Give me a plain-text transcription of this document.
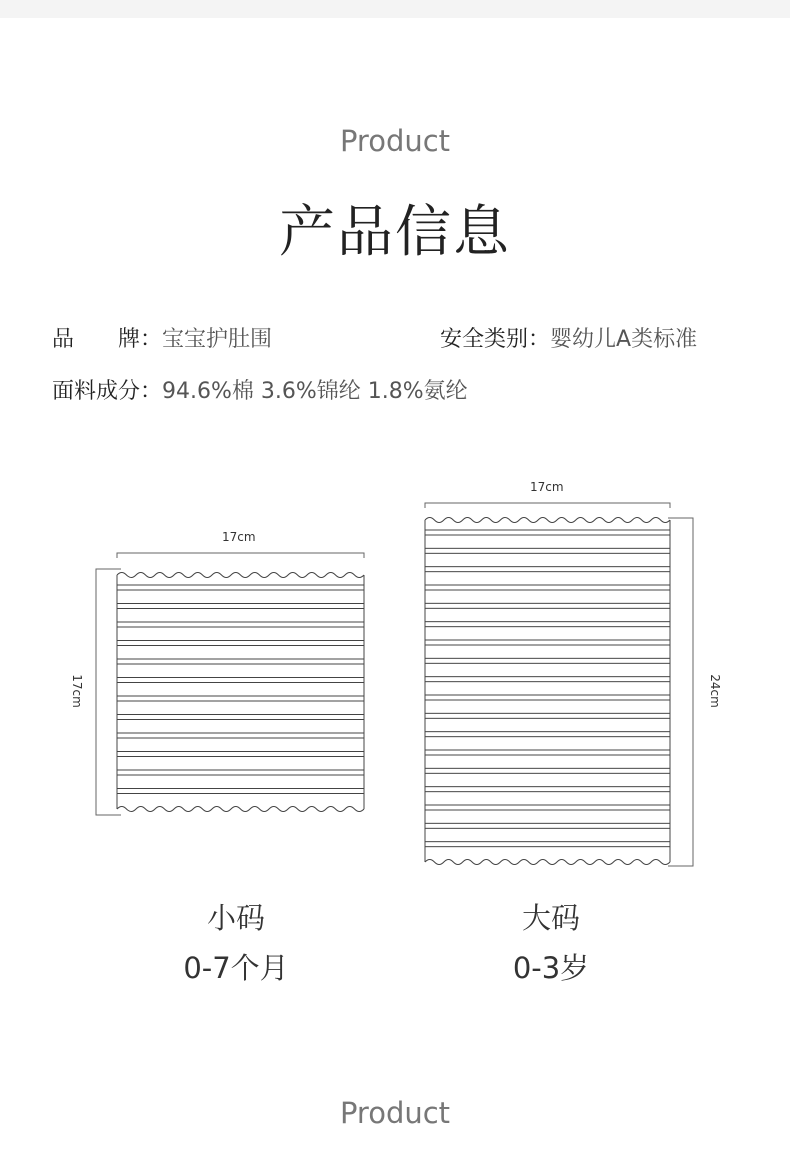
Product
产品信息
品　　牌：宝宝护肚围	安全类别：婴幼儿A类标准
面料成分：94.6%棉 3.6%锦纶 1.8%氨纶
17cm
17cm
17cm
24cm
小码
0-7个月
大码
0-3岁
Product
